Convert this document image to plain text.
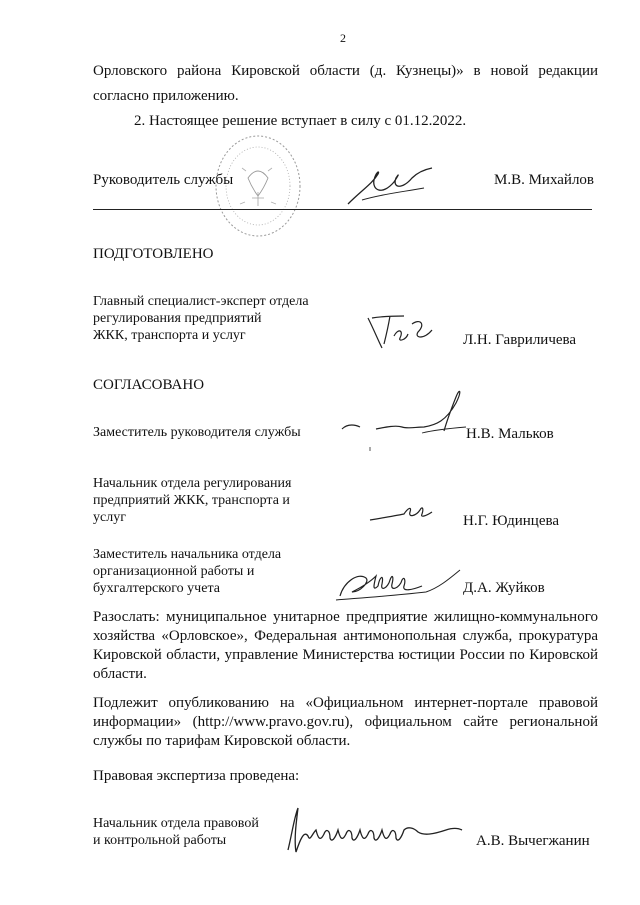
2
Орловского района Кировской области (д. Кузнецы)» в новой редакции
согласно приложению.
2. Настоящее решение вступает в силу с 01.12.2022.
Руководитель службы	М.В. Михайлов
ПОДГОТОВЛЕНО
Главный специалист-эксперт отдела
регулирования предприятий
ЖКК, транспорта и услуг	Л.Н. Гавриличева
СОГЛАСОВАНО
Заместитель руководителя службы	Н.В. Мальков
Начальник отдела регулирования
предприятий ЖКК, транспорта и
услуг	Н.Г. Юдинцева
Заместитель начальника отдела
организационной работы и
бухгалтерского учета	Д.А. Жуйков
Разослать: муниципальное унитарное предприятие жилищно-коммунального хозяйства «Орловское», Федеральная антимонопольная служба, прокуратура Кировской области, управление Министерства юстиции России по Кировской области.
Подлежит опубликованию на «Официальном интернет-портале правовой информации» (http://www.pravo.gov.ru), официальном сайте региональной службы по тарифам Кировской области.
Правовая экспертиза проведена:
Начальник отдела правовой
и контрольной работы	А.В. Вычегжанин
